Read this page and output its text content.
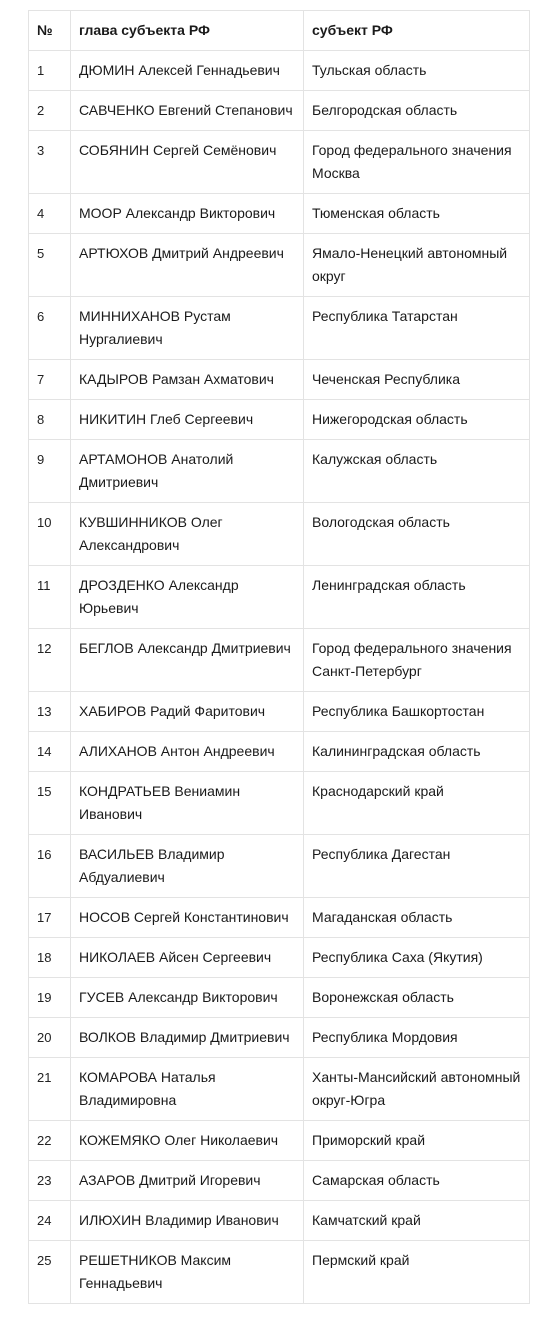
№	глава субъекта РФ	субъект РФ
1	ДЮМИН Алексей Геннадьевич	Тульская область
2	САВЧЕНКО Евгений Степанович	Белгородская область
3	СОБЯНИН Сергей Семёнович	Город федерального значения Москва
4	МООР Александр Викторович	Тюменская область
5	АРТЮХОВ Дмитрий Андреевич	Ямало-Ненецкий автономный округ
6	МИННИХАНОВ Рустам Нургалиевич	Республика Татарстан
7	КАДЫРОВ Рамзан Ахматович	Чеченская Республика
8	НИКИТИН Глеб Сергеевич	Нижегородская область
9	АРТАМОНОВ Анатолий Дмитриевич	Калужская область
10	КУВШИННИКОВ Олег Александрович	Вологодская область
11	ДРОЗДЕНКО Александр Юрьевич	Ленинградская область
12	БЕГЛОВ Александр Дмитриевич	Город федерального значения Санкт-Петербург
13	ХАБИРОВ Радий Фаритович	Республика Башкортостан
14	АЛИХАНОВ Антон Андреевич	Калининградская область
15	КОНДРАТЬЕВ Вениамин Иванович	Краснодарский край
16	ВАСИЛЬЕВ Владимир Абдуалиевич	Республика Дагестан
17	НОСОВ Сергей Константинович	Магаданская область
18	НИКОЛАЕВ Айсен Сергеевич	Республика Саха (Якутия)
19	ГУСЕВ Александр Викторович	Воронежская область
20	ВОЛКОВ Владимир Дмитриевич	Республика Мордовия
21	КОМАРОВА Наталья Владимировна	Ханты-Мансийский автономный округ-Югра
22	КОЖЕМЯКО Олег Николаевич	Приморский край
23	АЗАРОВ Дмитрий Игоревич	Самарская область
24	ИЛЮХИН Владимир Иванович	Камчатский край
25	РЕШЕТНИКОВ Максим Геннадьевич	Пермский край
